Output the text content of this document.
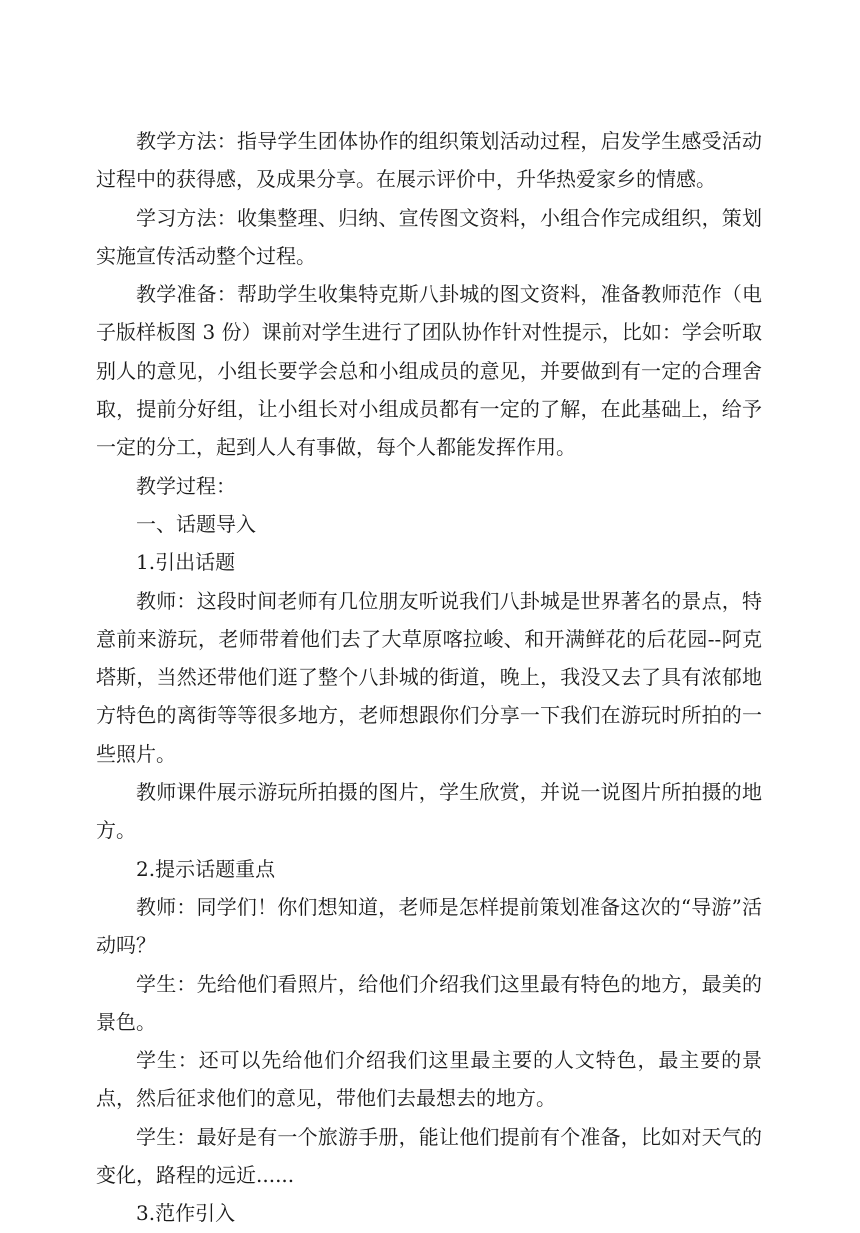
教学方法：指导学生团体协作的组织策划活动过程，启发学生感受活动过程中的获得感，及成果分享。在展示评价中，升华热爱家乡的情感。

学习方法：收集整理、归纳、宣传图文资料，小组合作完成组织，策划实施宣传活动整个过程。

教学准备：帮助学生收集特克斯八卦城的图文资料，准备教师范作（电子版样板图 3 份）课前对学生进行了团队协作针对性提示，比如：学会听取别人的意见，小组长要学会总和小组成员的意见，并要做到有一定的合理舍取，提前分好组，让小组长对小组成员都有一定的了解，在此基础上，给予一定的分工，起到人人有事做，每个人都能发挥作用。

教学过程：

一、话题导入

1.引出话题

教师：这段时间老师有几位朋友听说我们八卦城是世界著名的景点，特意前来游玩，老师带着他们去了大草原喀拉峻、和开满鲜花的后花园--阿克塔斯，当然还带他们逛了整个八卦城的街道，晚上，我没又去了具有浓郁地方特色的离街等等很多地方，老师想跟你们分享一下我们在游玩时所拍的一些照片。

教师课件展示游玩所拍摄的图片，学生欣赏，并说一说图片所拍摄的地方。

2.提示话题重点

教师：同学们！你们想知道，老师是怎样提前策划准备这次的“导游”活动吗？

学生：先给他们看照片，给他们介绍我们这里最有特色的地方，最美的景色。

学生：还可以先给他们介绍我们这里最主要的人文特色，最主要的景点，然后征求他们的意见，带他们去最想去的地方。

学生：最好是有一个旅游手册，能让他们提前有个准备，比如对天气的变化，路程的远近......

3.范作引入
